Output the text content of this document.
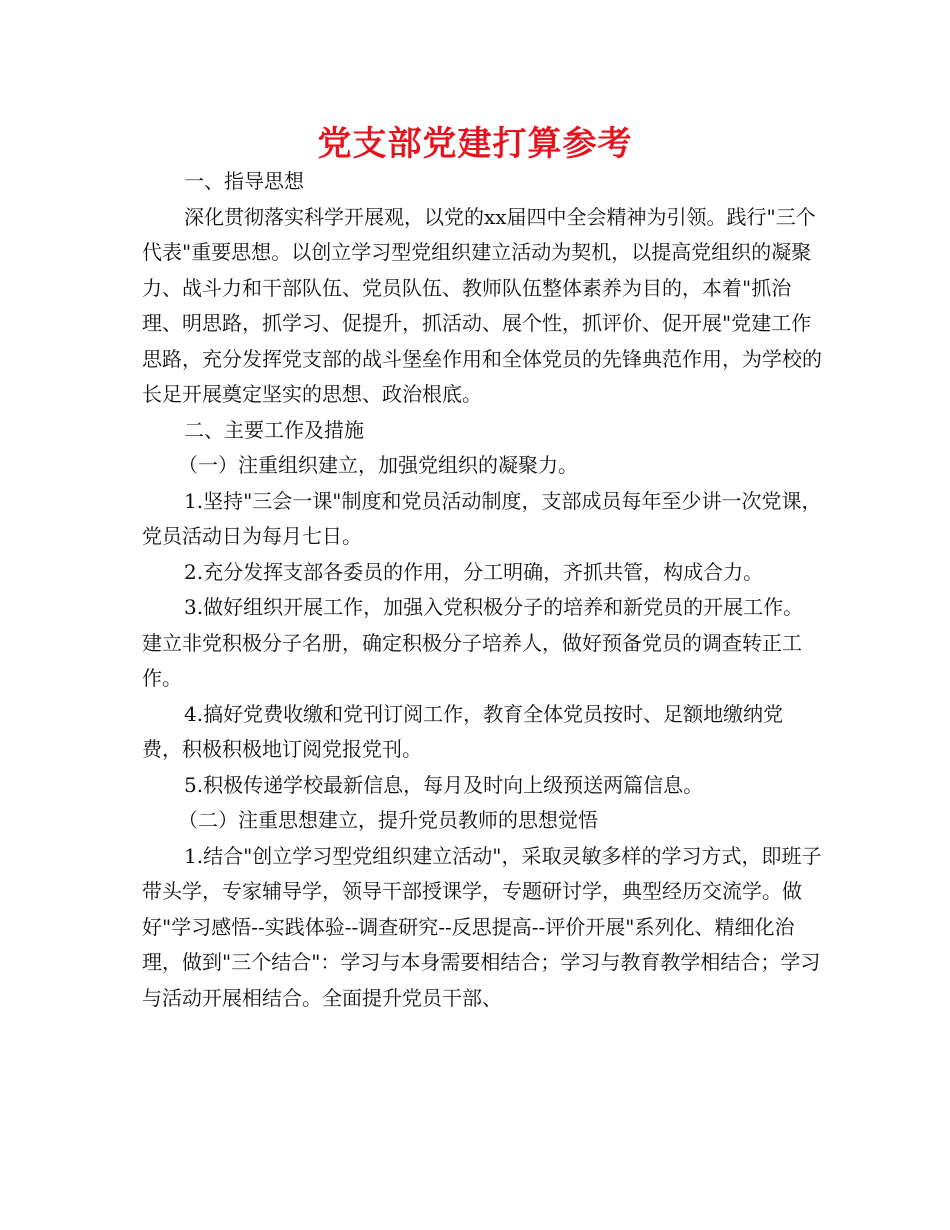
党支部党建打算参考

一、指导思想

深化贯彻落实科学开展观，以党的xx届四中全会精神为引领。践行"三个代表"重要思想。以创立学习型党组织建立活动为契机，以提高党组织的凝聚力、战斗力和干部队伍、党员队伍、教师队伍整体素养为目的，本着"抓治理、明思路，抓学习、促提升，抓活动、展个性，抓评价、促开展"党建工作思路，充分发挥党支部的战斗堡垒作用和全体党员的先锋典范作用，为学校的长足开展奠定坚实的思想、政治根底。

二、主要工作及措施

（一）注重组织建立，加强党组织的凝聚力。

1.坚持"三会一课"制度和党员活动制度，支部成员每年至少讲一次党课，党员活动日为每月七日。

2.充分发挥支部各委员的作用，分工明确，齐抓共管，构成合力。

3.做好组织开展工作，加强入党积极分子的培养和新党员的开展工作。建立非党积极分子名册，确定积极分子培养人，做好预备党员的调查转正工作。

4.搞好党费收缴和党刊订阅工作，教育全体党员按时、足额地缴纳党费，积极积极地订阅党报党刊。

5.积极传递学校最新信息，每月及时向上级预送两篇信息。

（二）注重思想建立，提升党员教师的思想觉悟

1.结合"创立学习型党组织建立活动"，采取灵敏多样的学习方式，即班子带头学，专家辅导学，领导干部授课学，专题研讨学，典型经历交流学。做好"学习感悟--实践体验--调查研究--反思提高--评价开展"系列化、精细化治理，做到"三个结合"：学习与本身需要相结合；学习与教育教学相结合；学习与活动开展相结合。全面提升党员干部、
